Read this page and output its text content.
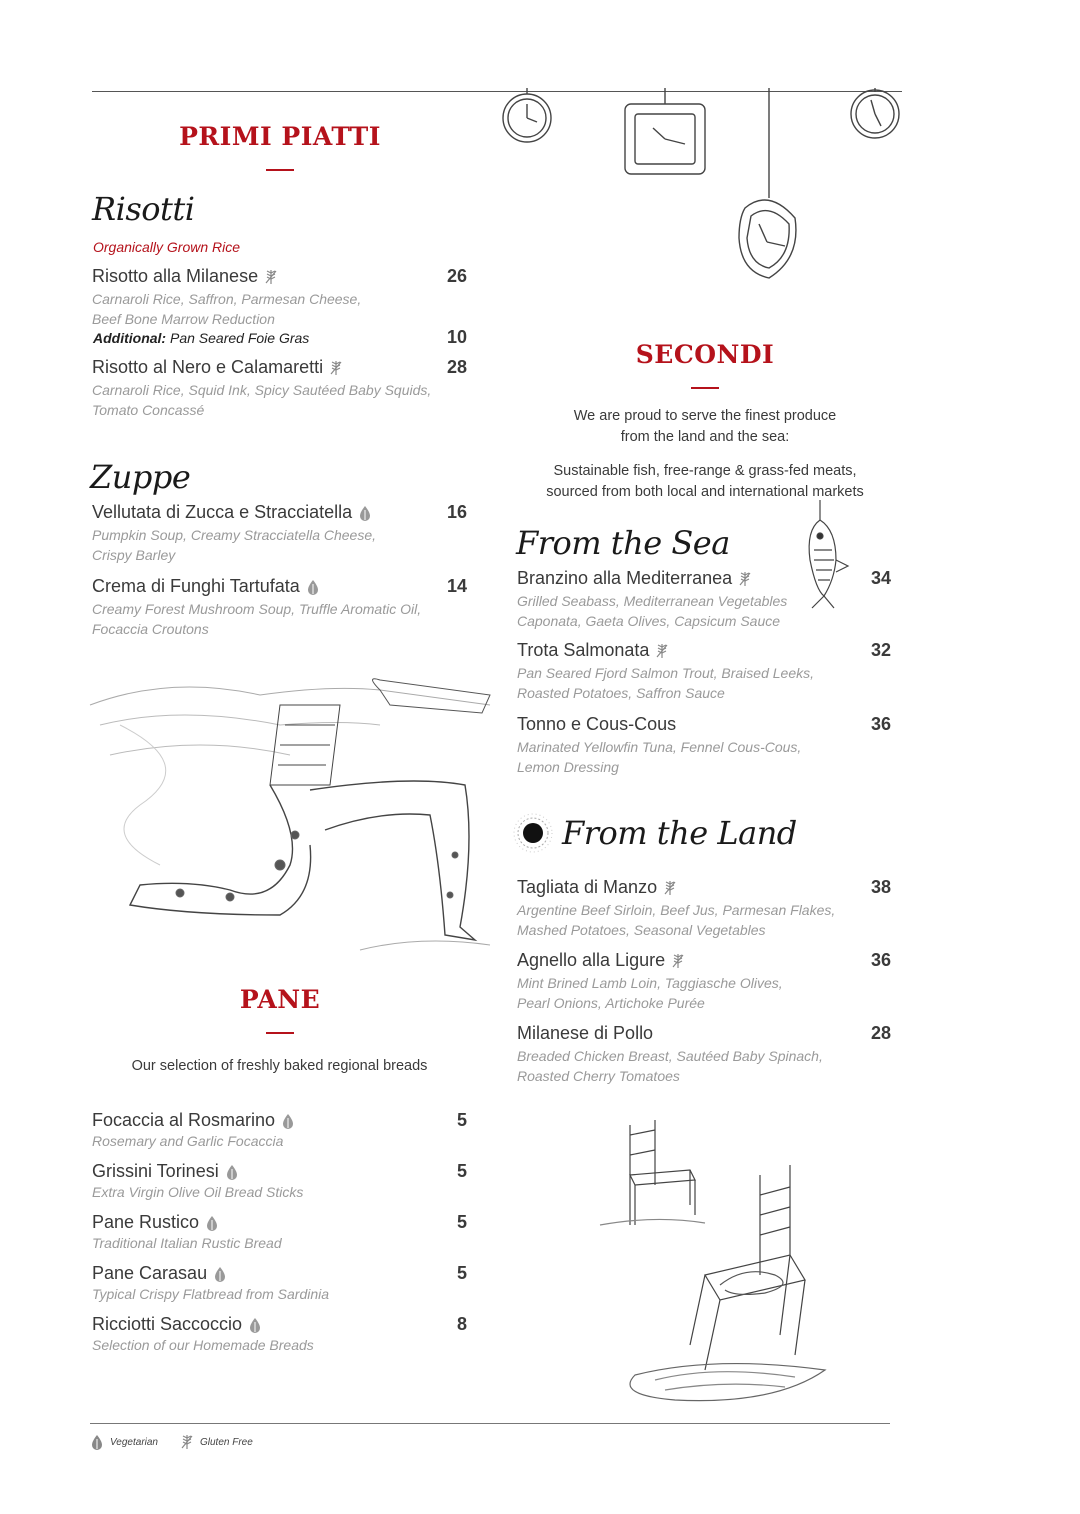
PRIMI PIATTI
Risotti
Organically Grown Rice
Risotto alla Milanese	26
Carnaroli Rice, Saffron, Parmesan Cheese,
Beef Bone Marrow Reduction
Additional: Pan Seared Foie Gras	10
Risotto al Nero e Calamaretti	28
Carnaroli Rice, Squid Ink, Spicy Sautéed Baby Squids,
Tomato Concassé
Zuppe
Vellutata di Zucca e Stracciatella	16
Pumpkin Soup, Creamy Stracciatella Cheese,
Crispy Barley
Crema di Funghi Tartufata	14
Creamy Forest Mushroom Soup, Truffle Aromatic Oil,
Focaccia Croutons
PANE
Our selection of freshly baked regional breads
Focaccia al Rosmarino	5
Rosemary and Garlic Focaccia
Grissini Torinesi	5
Extra Virgin Olive Oil Bread Sticks
Pane Rustico	5
Traditional Italian Rustic Bread
Pane Carasau	5
Typical Crispy Flatbread from Sardinia
Ricciotti Saccoccio	8
Selection of our Homemade Breads
SECONDI
We are proud to serve the finest produce
from the land and the sea:
Sustainable fish, free-range & grass-fed meats,
sourced from both local and international markets
From the Sea
Branzino alla Mediterranea	34
Grilled Seabass, Mediterranean Vegetables
Caponata, Gaeta Olives, Capsicum Sauce
Trota Salmonata	32
Pan Seared Fjord Salmon Trout, Braised Leeks,
Roasted Potatoes, Saffron Sauce
Tonno e Cous-Cous	36
Marinated Yellowfin Tuna, Fennel Cous-Cous,
Lemon Dressing
From the Land
Tagliata di Manzo	38
Argentine Beef Sirloin, Beef Jus, Parmesan Flakes,
Mashed Potatoes, Seasonal Vegetables
Agnello alla Ligure	36
Mint Brined Lamb Loin, Taggiasche Olives,
Pearl Onions, Artichoke Purée
Milanese di Pollo	28
Breaded Chicken Breast, Sautéed Baby Spinach,
Roasted Cherry Tomatoes
Vegetarian	Gluten Free
